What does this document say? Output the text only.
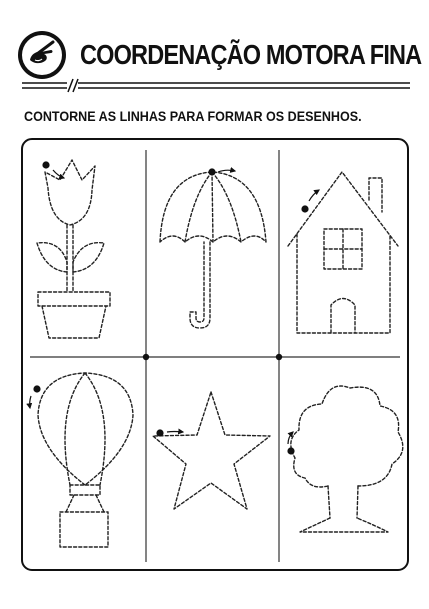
COORDENAÇÃO MOTORA FINA

CONTORNE AS LINHAS PARA FORMAR OS DESENHOS.
